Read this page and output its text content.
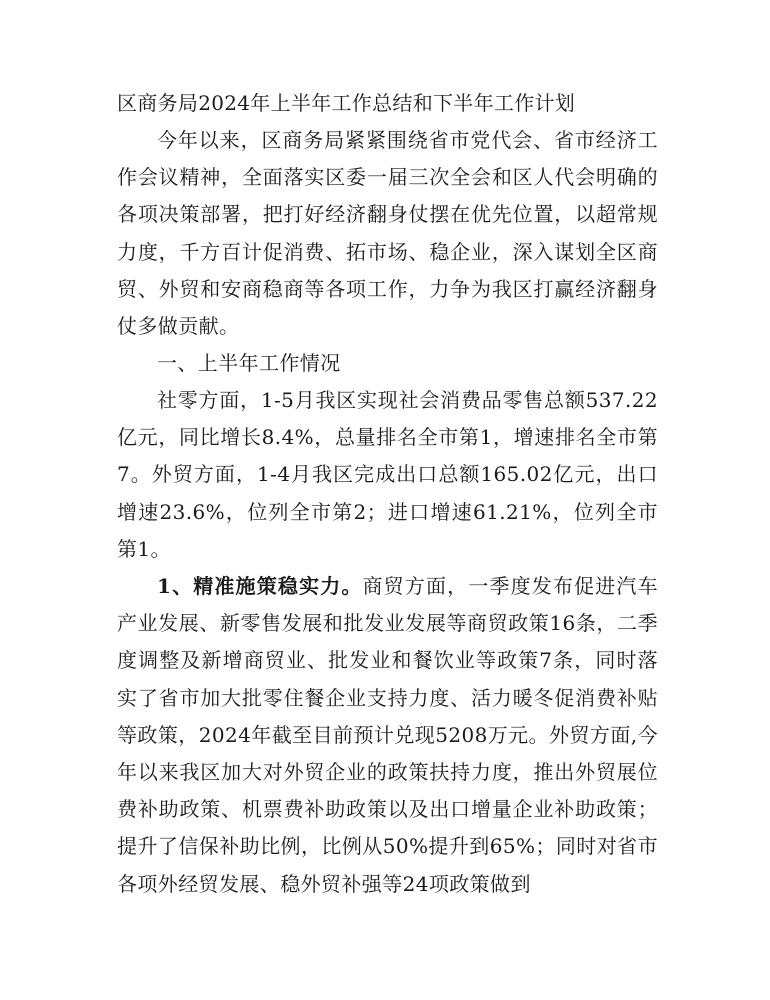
区商务局2024年上半年工作总结和下半年工作计划

今年以来，区商务局紧紧围绕省市党代会、省市经济工作会议精神，全面落实区委一届三次全会和区人代会明确的各项决策部署，把打好经济翻身仗摆在优先位置，以超常规力度，千方百计促消费、拓市场、稳企业，深入谋划全区商贸、外贸和安商稳商等各项工作，力争为我区打赢经济翻身仗多做贡献。

一、上半年工作情况

社零方面，1-5月我区实现社会消费品零售总额537.22亿元，同比增长8.4%，总量排名全市第1，增速排名全市第7。外贸方面，1-4月我区完成出口总额165.02亿元，出口增速23.6%，位列全市第2；进口增速61.21%，位列全市第1。

1、精准施策稳实力。商贸方面，一季度发布促进汽车产业发展、新零售发展和批发业发展等商贸政策16条，二季度调整及新增商贸业、批发业和餐饮业等政策7条，同时落实了省市加大批零住餐企业支持力度、活力暖冬促消费补贴等政策，2024年截至目前预计兑现5208万元。外贸方面,今年以来我区加大对外贸企业的政策扶持力度，推出外贸展位费补助政策、机票费补助政策以及出口增量企业补助政策；提升了信保补助比例，比例从50%提升到65%；同时对省市各项外经贸发展、稳外贸补强等24项政策做到
